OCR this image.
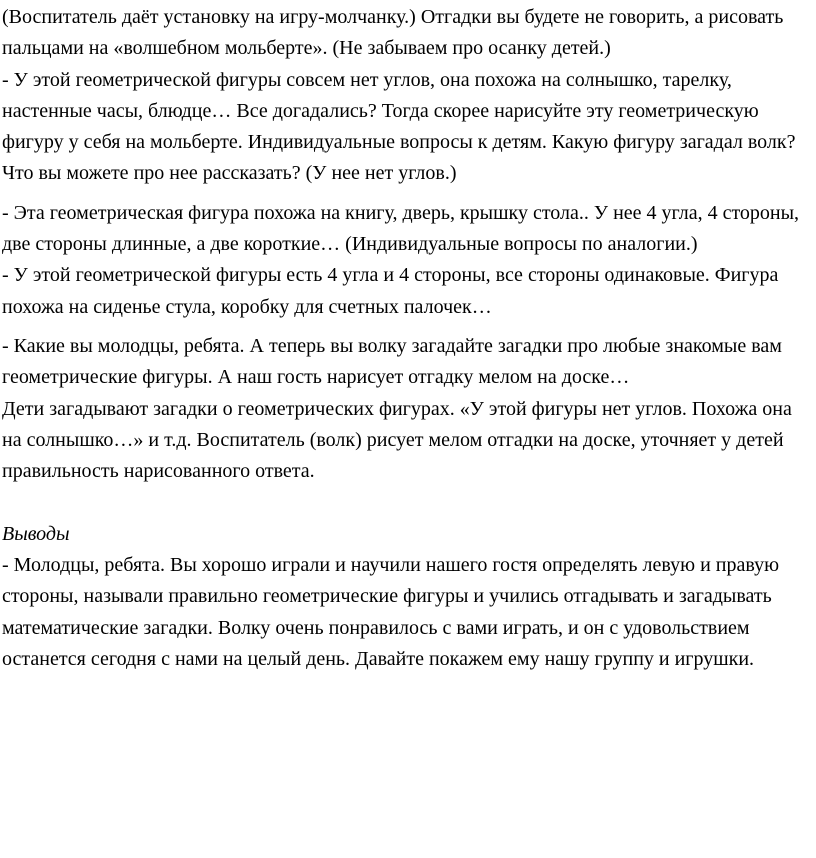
(Воспитатель даёт установку на игру-молчанку.) Отгадки вы будете не говорить, а рисовать пальцами на «волшебном мольберте». (Не забываем про осанку детей.)

- У этой геометрической фигуры совсем нет углов, она похожа на солнышко, тарелку, настенные часы, блюдце… Все догадались? Тогда скорее нарисуйте эту геометрическую фигуру у себя на мольберте. Индивидуальные вопросы к детям. Какую фигуру загадал волк? Что вы можете про нее рассказать? (У нее нет углов.)

- Эта геометрическая фигура похожа на книгу, дверь, крышку стола.. У нее 4 угла, 4 стороны, две стороны длинные, а две короткие… (Индивидуальные вопросы по аналогии.)

- У этой геометрической фигуры есть 4 угла и 4 стороны, все стороны одинаковые. Фигура похожа на сиденье стула, коробку для счетных палочек…

- Какие вы молодцы, ребята. А теперь вы волку загадайте загадки про любые знакомые вам геометрические фигуры. А наш гость нарисует отгадку мелом на доске…

Дети загадывают загадки о геометрических фигурах. «У этой фигуры нет углов. Похожа она на солнышко…» и т.д. Воспитатель (волк) рисует мелом отгадки на доске, уточняет у детей правильность нарисованного ответа.

Выводы

- Молодцы, ребята. Вы хорошо играли и научили нашего гостя определять левую и правую стороны, называли правильно геометрические фигуры и учились отгадывать и загадывать математические загадки. Волку очень понравилось с вами играть, и он с удовольствием останется сегодня с нами на целый день. Давайте покажем ему нашу группу и игрушки.
